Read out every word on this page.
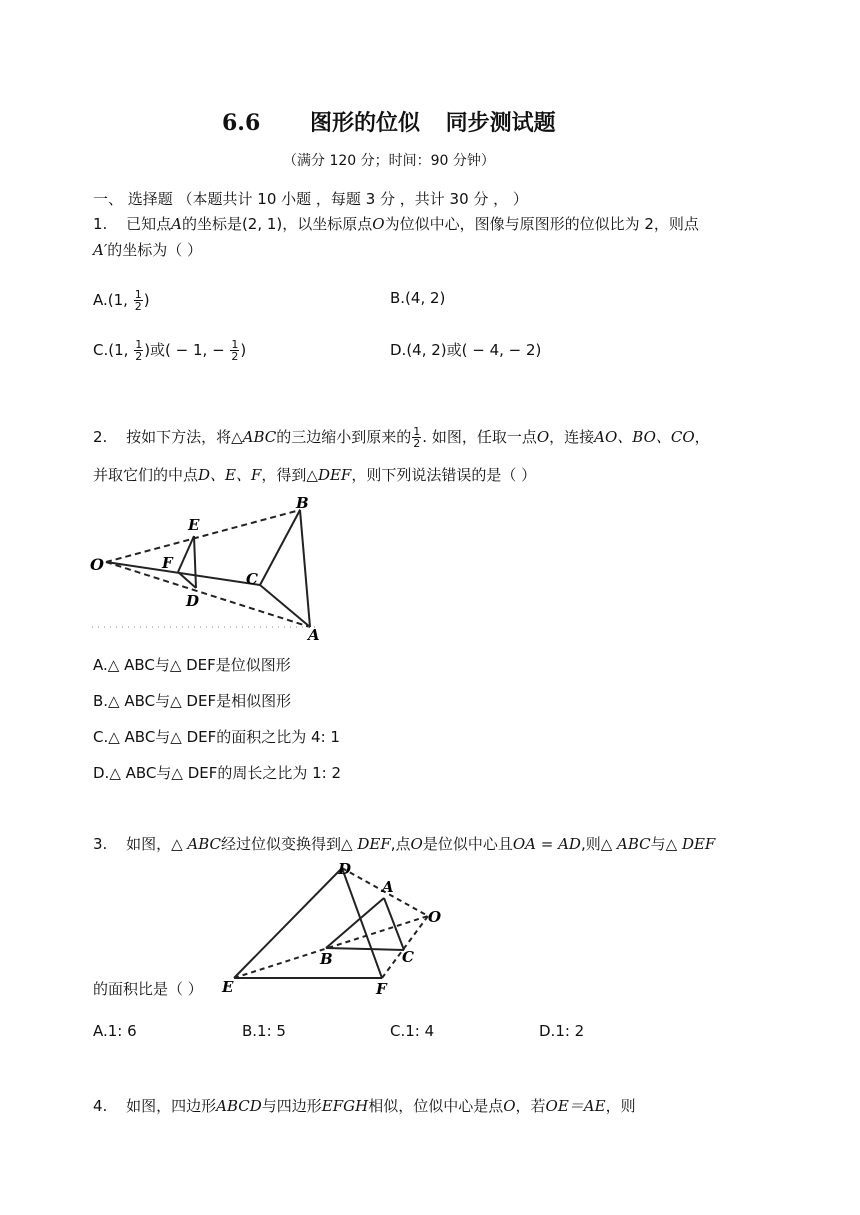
6.6 图形的位似 同步测试题
（满分 120 分；时间：90 分钟）
一、 选择题 （本题共计 10 小题 ，每题 3 分 ，共计 30 分 ， ）
1. 已知点A的坐标是(2, 1)，以坐标原点O为位似中心，图像与原图形的位似比为 2，则点
A′的坐标为（ ）
A.(1, $\frac{1}{2}$ )	B.(4, 2)
C.(1, $\frac{1}{2}$ )或( − 1, − $\frac{1}{2}$ )	D.(4, 2)或( − 4, − 2)
2. 按如下方法，将△ABC的三边缩小到原来的 $\frac{1}{2}$ . 如图，任取一点O，连接AO、BO、CO，
并取它们的中点D、E、F，得到△DEF，则下列说法错误的是（ ）
O
E
F
D
B
C
A
A.△ ABC与△ DEF是位似图形
B.△ ABC与△ DEF是相似图形
C.△ ABC与△ DEF的面积之比为 4: 1
D.△ ABC与△ DEF的周长之比为 1: 2
3. 如图，△ ABC经过位似变换得到△ DEF,点O是位似中心且OA = AD,则△ ABC与△ DEF
D
A
O
B	C
E	F
的面积比是（ ）
A.1: 6	B.1: 5	C.1: 4	D.1: 2
4. 如图，四边形ABCD与四边形EFGH相似，位似中心是点O，若OE＝AE，则
